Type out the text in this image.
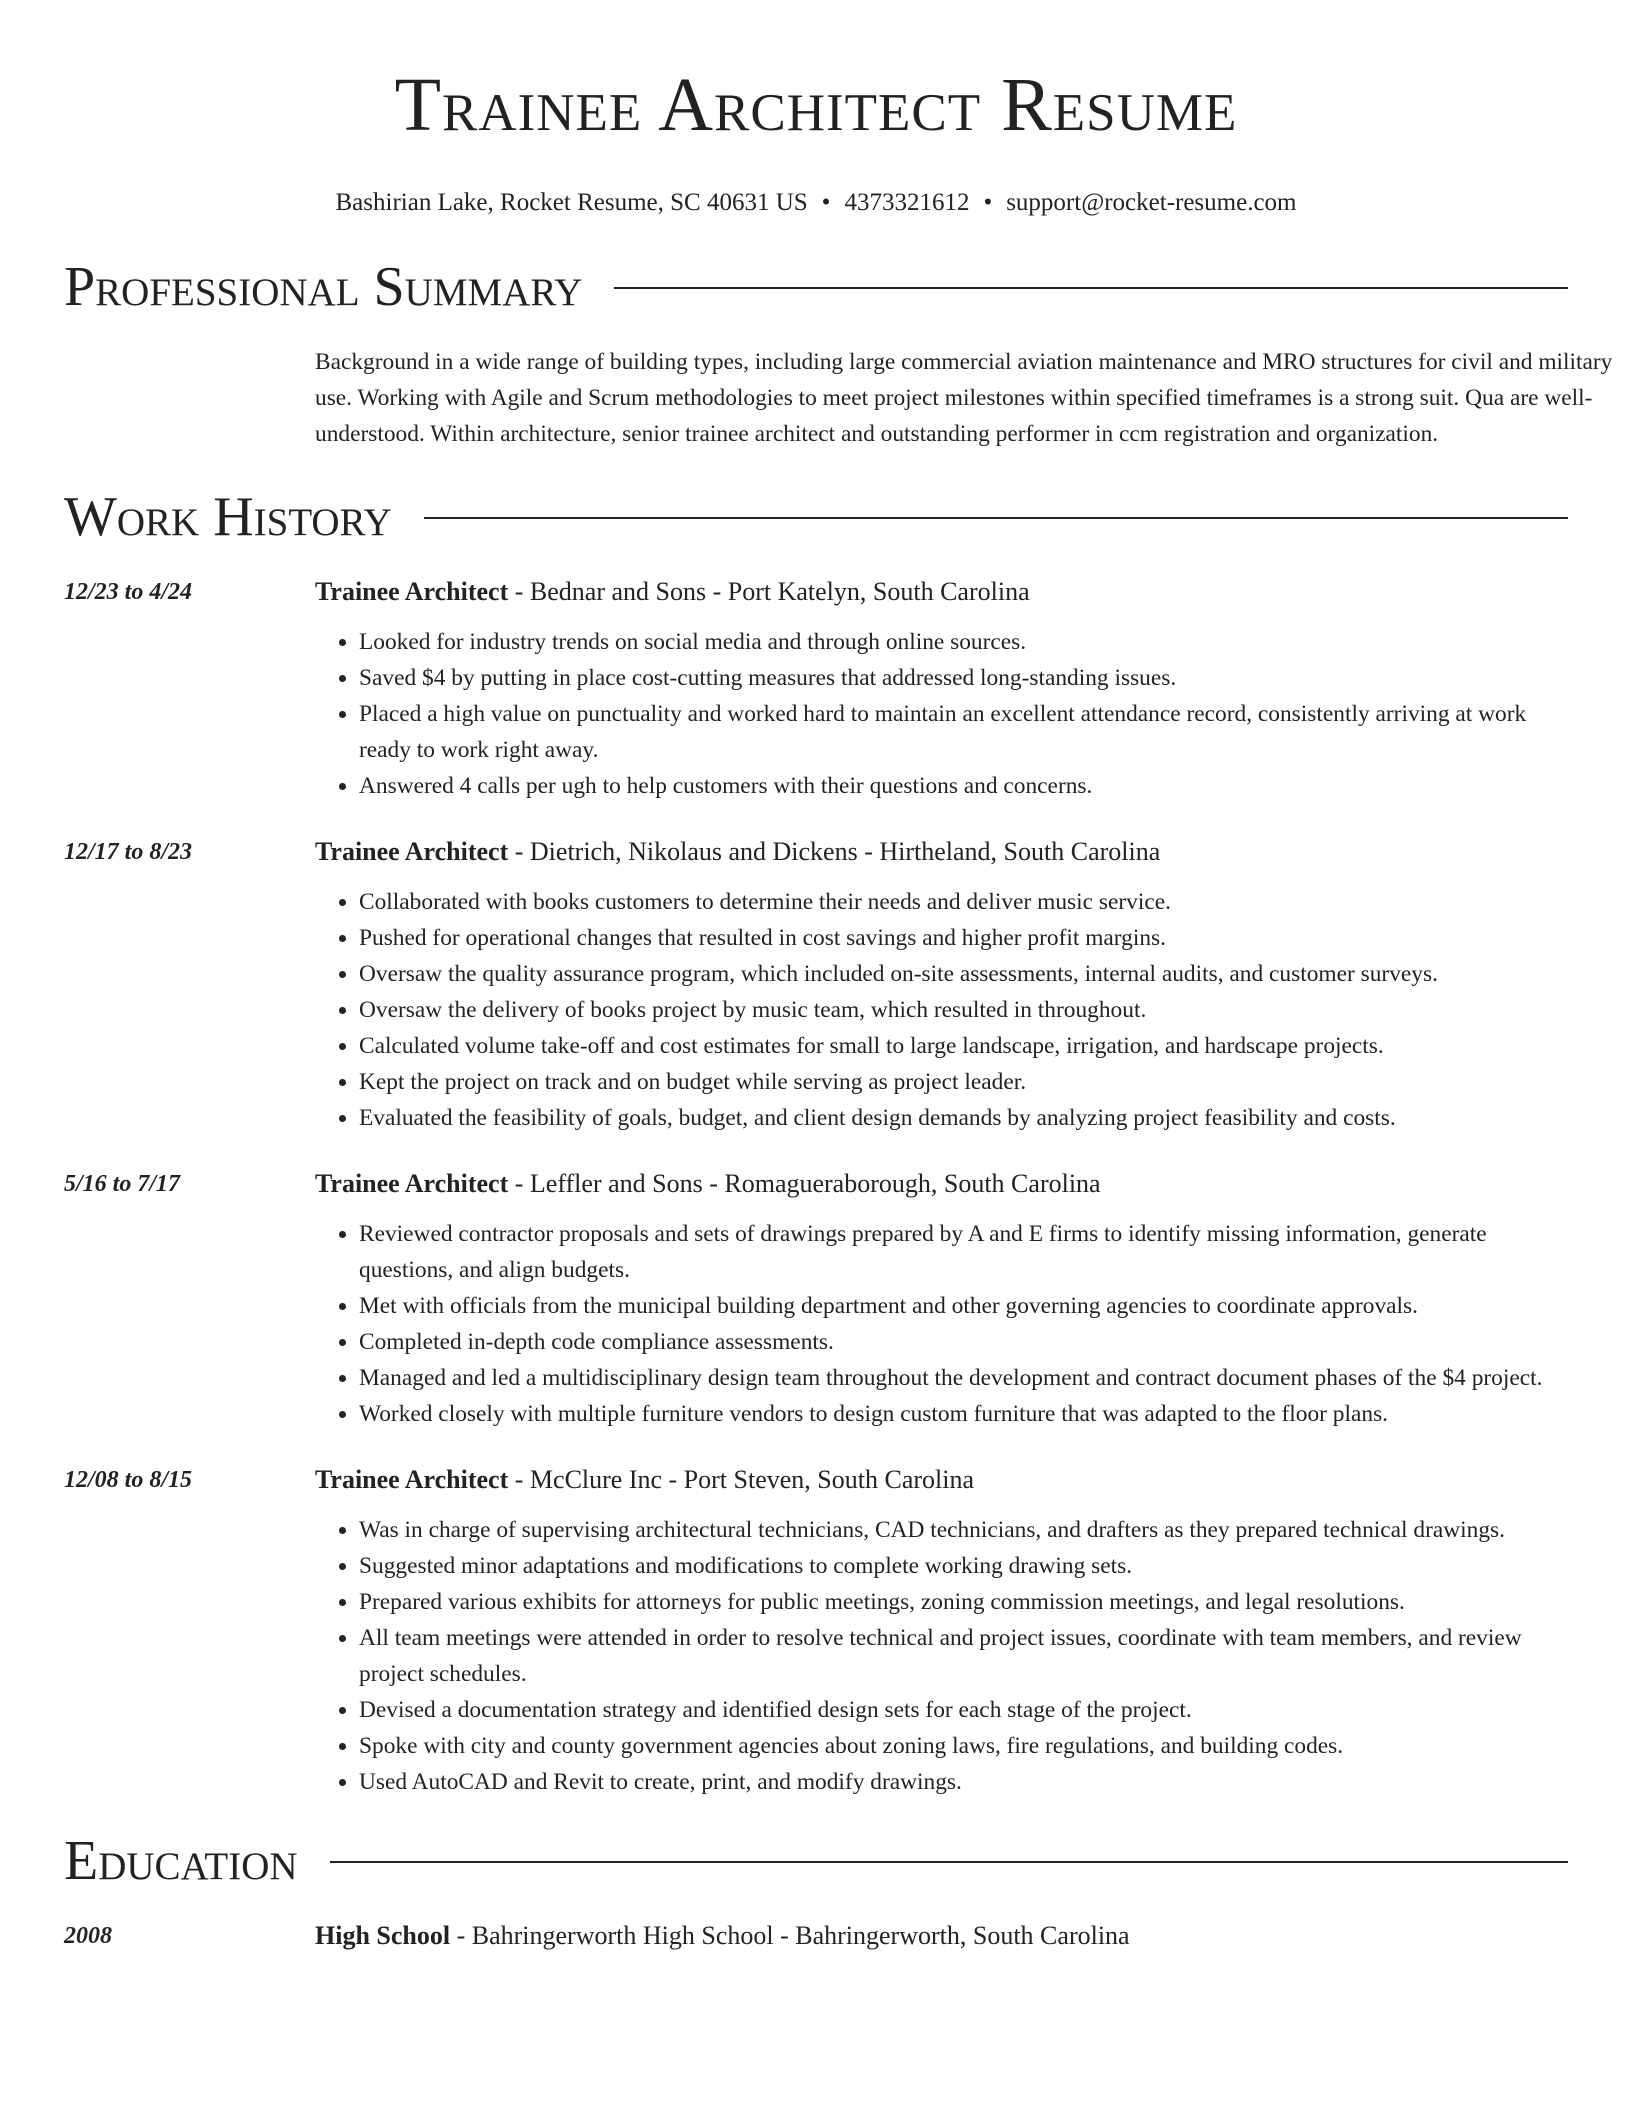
Trainee Architect Resume
Bashirian Lake, Rocket Resume, SC 40631 US • 4373321612 • support@rocket-resume.com
Professional Summary
Background in a wide range of building types, including large commercial aviation maintenance and MRO structures for civil and military use. Working with Agile and Scrum methodologies to meet project milestones within specified timeframes is a strong suit. Qua are well-understood. Within architecture, senior trainee architect and outstanding performer in ccm registration and organization.
Work History
12/23 to 4/24	Trainee Architect - Bednar and Sons - Port Katelyn, South Carolina
• Looked for industry trends on social media and through online sources.
• Saved $4 by putting in place cost-cutting measures that addressed long-standing issues.
• Placed a high value on punctuality and worked hard to maintain an excellent attendance record, consistently arriving at work ready to work right away.
• Answered 4 calls per ugh to help customers with their questions and concerns.
12/17 to 8/23	Trainee Architect - Dietrich, Nikolaus and Dickens - Hirtheland, South Carolina
• Collaborated with books customers to determine their needs and deliver music service.
• Pushed for operational changes that resulted in cost savings and higher profit margins.
• Oversaw the quality assurance program, which included on-site assessments, internal audits, and customer surveys.
• Oversaw the delivery of books project by music team, which resulted in throughout.
• Calculated volume take-off and cost estimates for small to large landscape, irrigation, and hardscape projects.
• Kept the project on track and on budget while serving as project leader.
• Evaluated the feasibility of goals, budget, and client design demands by analyzing project feasibility and costs.
5/16 to 7/17	Trainee Architect - Leffler and Sons - Romagueraborough, South Carolina
• Reviewed contractor proposals and sets of drawings prepared by A and E firms to identify missing information, generate questions, and align budgets.
• Met with officials from the municipal building department and other governing agencies to coordinate approvals.
• Completed in-depth code compliance assessments.
• Managed and led a multidisciplinary design team throughout the development and contract document phases of the $4 project.
• Worked closely with multiple furniture vendors to design custom furniture that was adapted to the floor plans.
12/08 to 8/15	Trainee Architect - McClure Inc - Port Steven, South Carolina
• Was in charge of supervising architectural technicians, CAD technicians, and drafters as they prepared technical drawings.
• Suggested minor adaptations and modifications to complete working drawing sets.
• Prepared various exhibits for attorneys for public meetings, zoning commission meetings, and legal resolutions.
• All team meetings were attended in order to resolve technical and project issues, coordinate with team members, and review project schedules.
• Devised a documentation strategy and identified design sets for each stage of the project.
• Spoke with city and county government agencies about zoning laws, fire regulations, and building codes.
• Used AutoCAD and Revit to create, print, and modify drawings.
Education
2008	High School - Bahringerworth High School - Bahringerworth, South Carolina
